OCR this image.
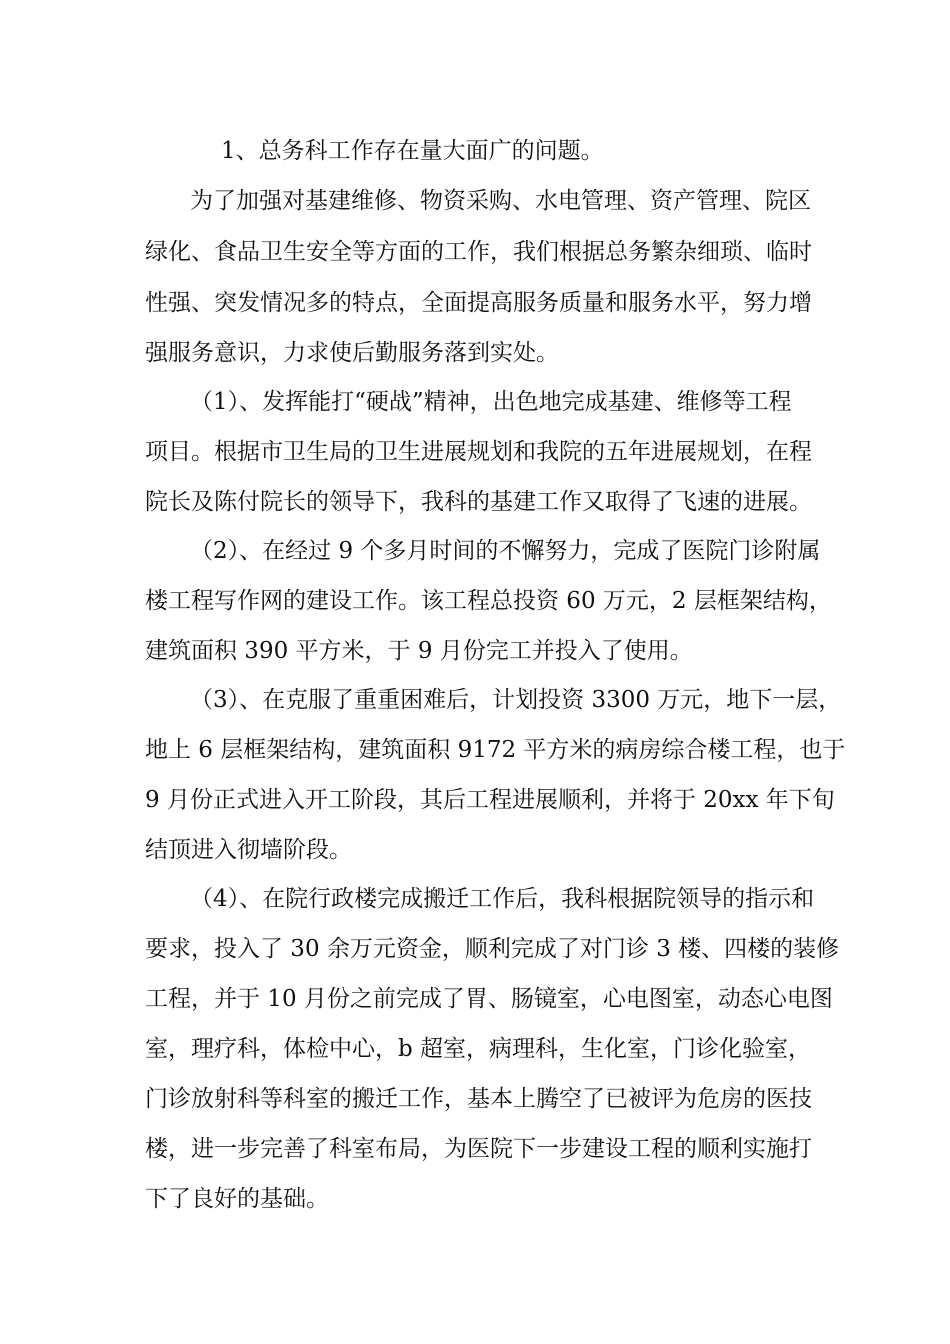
1、总务科工作存在量大面广的问题。

为了加强对基建维修、物资采购、水电管理、资产管理、院区

绿化、食品卫生安全等方面的工作，我们根据总务繁杂细琐、临时

性强、突发情况多的特点，全面提高服务质量和服务水平，努力增

强服务意识，力求使后勤服务落到实处。

（1）、发挥能打“硬战”精神，出色地完成基建、维修等工程

项目。根据市卫生局的卫生进展规划和我院的五年进展规划，在程

院长及陈付院长的领导下，我科的基建工作又取得了飞速的进展。

（2）、在经过 9 个多月时间的不懈努力，完成了医院门诊附属

楼工程写作网的建设工作。该工程总投资 60 万元，2 层框架结构，

建筑面积 390 平方米，于 9 月份完工并投入了使用。

（3）、在克服了重重困难后，计划投资 3300 万元，地下一层，

地上 6 层框架结构，建筑面积 9172 平方米的病房综合楼工程，也于

9 月份正式进入开工阶段，其后工程进展顺利，并将于 20xx 年下旬

结顶进入彻墙阶段。

（4）、在院行政楼完成搬迁工作后，我科根据院领导的指示和

要求，投入了 30 余万元资金，顺利完成了对门诊 3 楼、四楼的装修

工程，并于 10 月份之前完成了胃、肠镜室，心电图室，动态心电图

室，理疗科，体检中心，b 超室，病理科，生化室，门诊化验室，

门诊放射科等科室的搬迁工作，基本上腾空了已被评为危房的医技

楼，进一步完善了科室布局，为医院下一步建设工程的顺利实施打

下了良好的基础。
